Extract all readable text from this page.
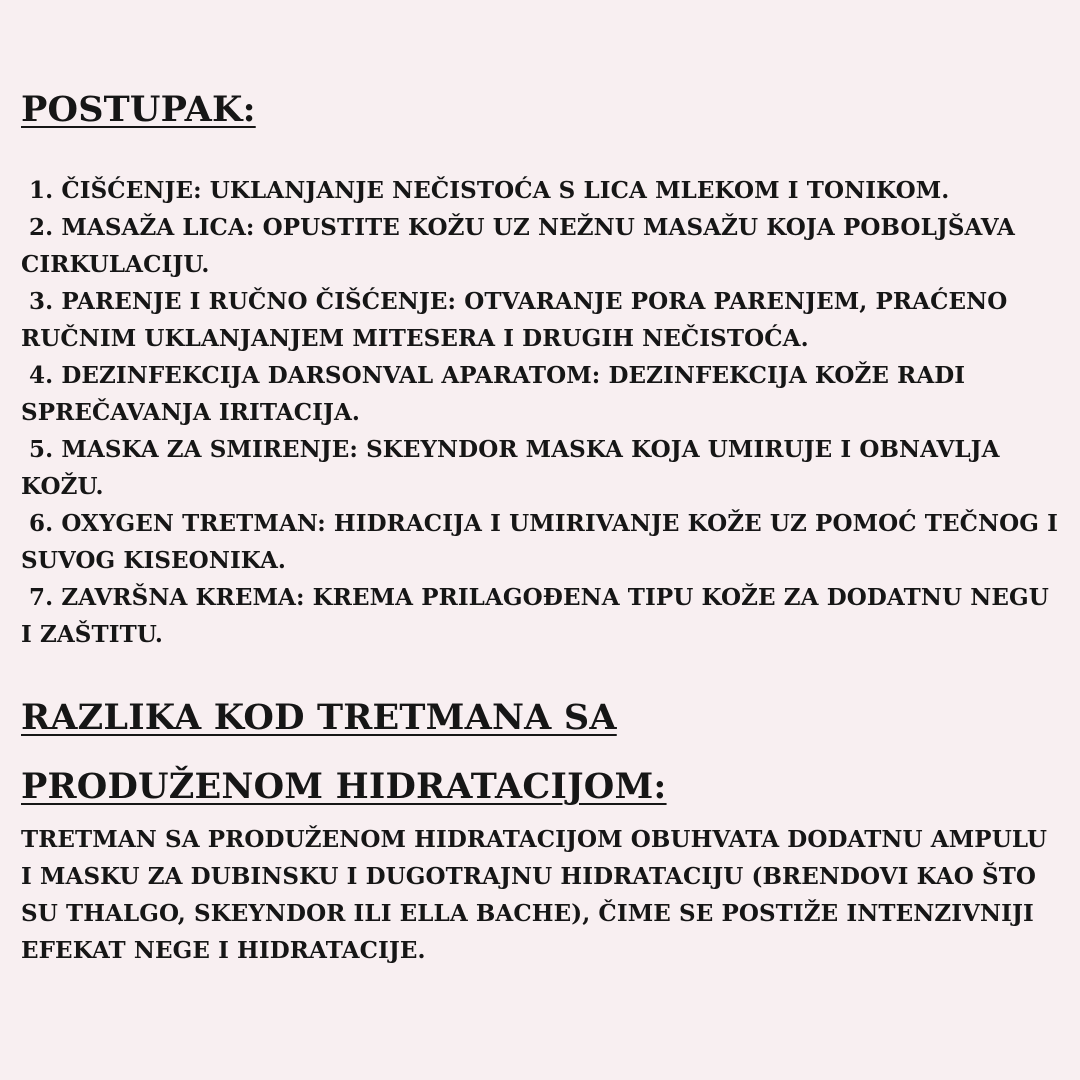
POSTUPAK:
1. ČIŠĆENJE: UKLANJANJE NEČISTOĆA S LICA MLEKOM I TONIKOM.
2. MASAŽA LICA: OPUSTITE KOŽU UZ NEŽNU MASAŽU KOJA POBOLJŠAVA CIRKULACIJU.
3. PARENJE I RUČNO ČIŠĆENJE: OTVARANJE PORA PARENJEM, PRAĆENO RUČNIM UKLANJANJEM MITESERA I DRUGIH NEČISTOĆA.
4. DEZINFEKCIJA DARSONVAL APARATOM: DEZINFEKCIJA KOŽE RADI SPREČAVANJA IRITACIJA.
5. MASKA ZA SMIRENJE: SKEYNDOR MASKA KOJA UMIRUJE I OBNAVLJA KOŽU.
6. OXYGEN TRETMAN: HIDRACIJA I UMIRIVANJE KOŽE UZ POMOĆ TEČNOG I SUVOG KISEONIKA.
7. ZAVRŠNA KREMA: KREMA PRILAGOĐENA TIPU KOŽE ZA DODATNU NEGU I ZAŠTITU.
RAZLIKA KOD TRETMANA SA PRODUŽENOM HIDRATACIJOM:

TRETMAN SA PRODUŽENOM HIDRATACIJOM OBUHVATA DODATNU AMPULU I MASKU ZA DUBINSKU I DUGOTRAJNU HIDRATACIJU (BRENDOVI KAO ŠTO SU THALGO, SKEYNDOR ILI ELLA BACHE), ČIME SE POSTIŽE INTENZIVNIJI EFEKAT NEGE I HIDRATACIJE.
